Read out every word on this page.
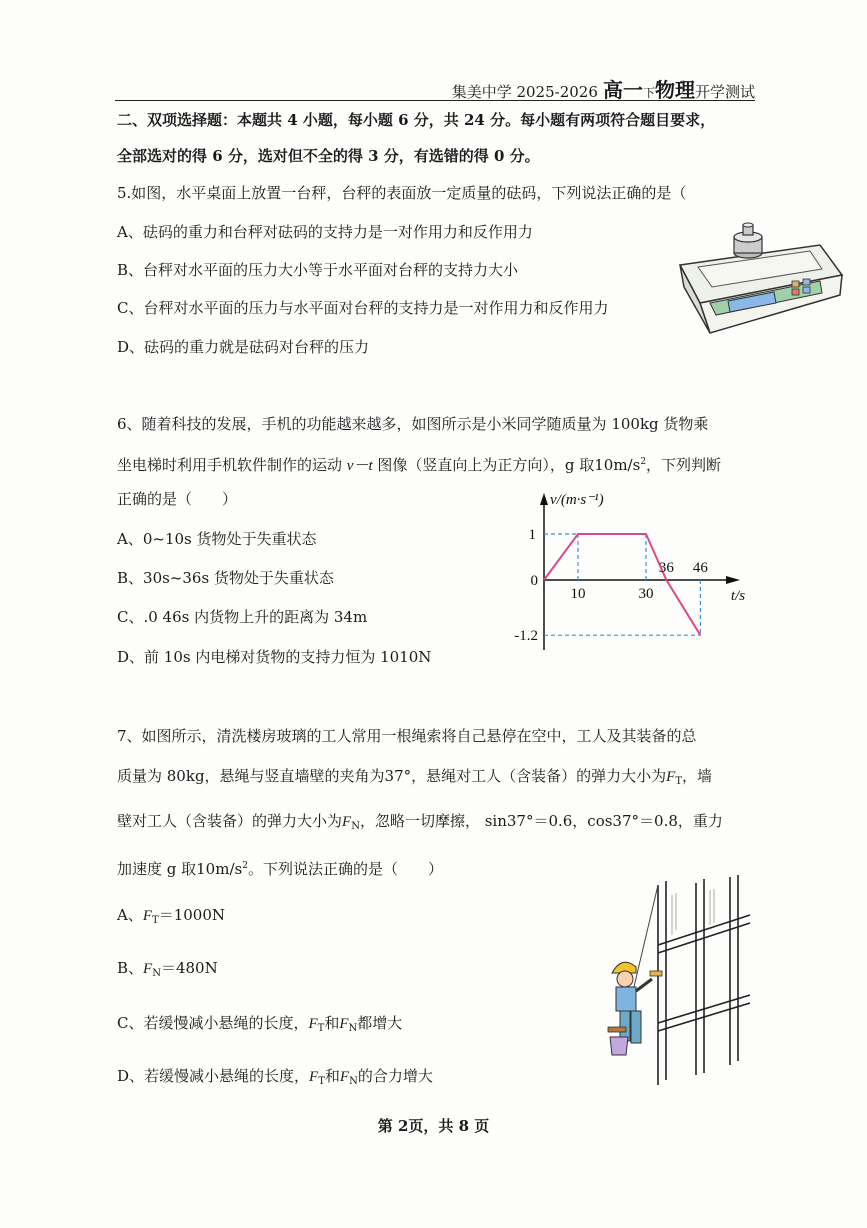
集美中学 2025-2026 高一下物理开学测试
二、双项选择题：本题共 4 小题，每小题 6 分，共 24 分。每小题有两项符合题目要求，
全部选对的得 6 分，选对但不全的得 3 分，有选错的得 0 分。
5.如图，水平桌面上放置一台秤，台秤的表面放一定质量的砝码，下列说法正确的是（
A、砝码的重力和台秤对砝码的支持力是一对作用力和反作用力
B、台秤对水平面的压力大小等于水平面对台秤的支持力大小
C、台秤对水平面的压力与水平面对台秤的支持力是一对作用力和反作用力
D、砝码的重力就是砝码对台秤的压力
6、随着科技的发展，手机的功能越来越多，如图所示是小米同学随质量为 100kg 货物乘
坐电梯时利用手机软件制作的运动 v－t 图像（竖直向上为正方向），g 取$10m/s^2$，下列判断
正确的是（　　）
A、0~10s 货物处于失重状态
B、30s~36s 货物处于失重状态
C、.0 46s 内货物上升的距离为 34m
D、前 10s 内电梯对货物的支持力恒为 1010N
10	30
36 46
1
0
-1.2
v/(m·s⁻¹)
t/s
7、如图所示，清洗楼房玻璃的工人常用一根绳索将自己悬停在空中，工人及其装备的总
质量为 80kg，悬绳与竖直墙壁的夹角为37°，悬绳对工人（含装备）的弹力大小为$F_T$，墙
壁对工人（含装备）的弹力大小为$F_N$，忽略一切摩擦， sin37°＝0.6，cos37°＝0.8，重力
加速度 g 取$10m/s^2$。下列说法正确的是（　　）
A、$F_T=1000N$
B、$F_N=480N$
C、若缓慢减小悬绳的长度，$F_T$和$F_N$都增大
D、若缓慢减小悬绳的长度，$F_T$和$F_N$的合力增大
第 2页，共 8 页
